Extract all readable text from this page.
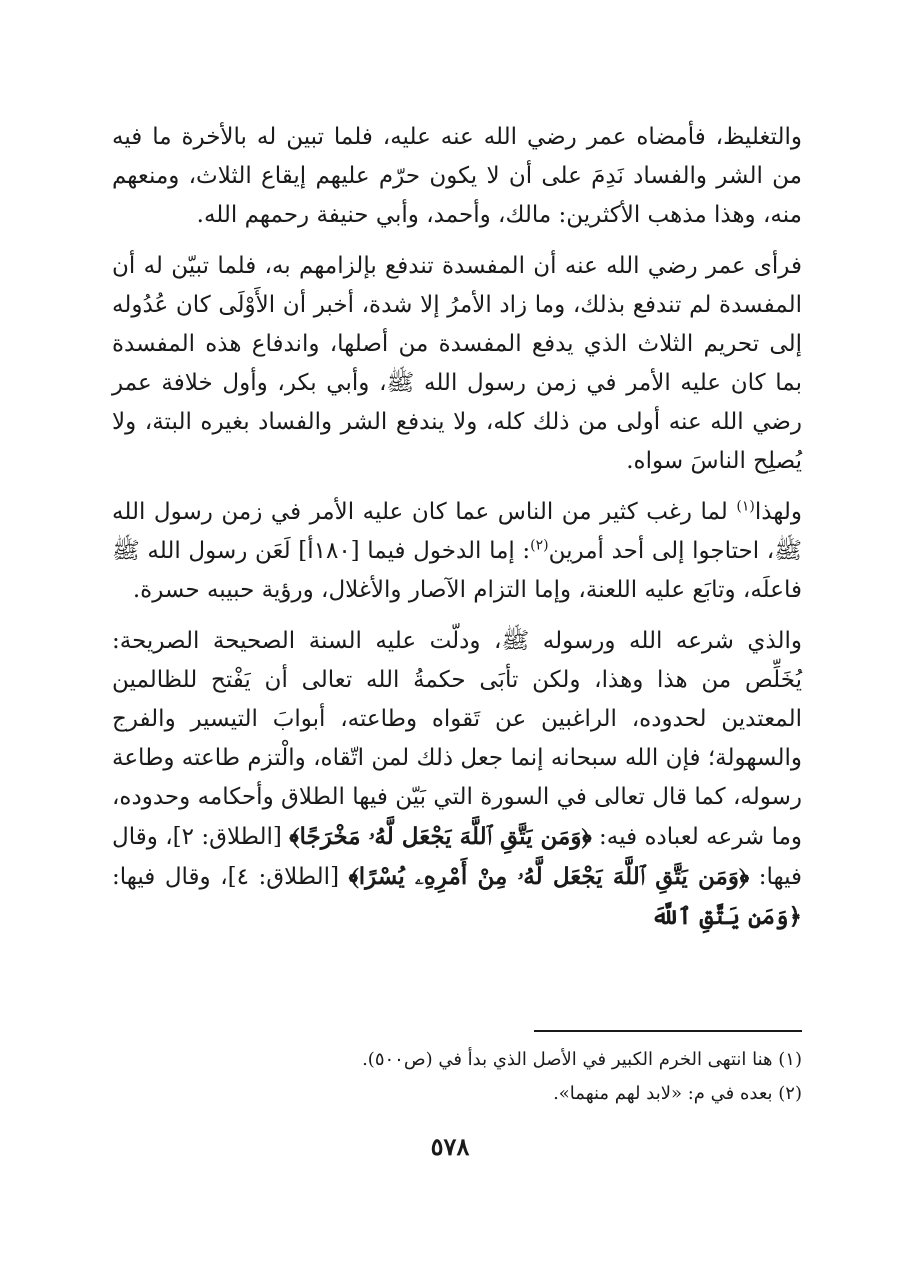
والتغليظ، فأمضاه عمر رضي الله عنه عليه، فلما تبين له بالأخرة ما فيه من الشر والفساد نَدِمَ على أن لا يكون حرّم عليهم إيقاع الثلاث، ومنعهم منه، وهذا مذهب الأكثرين: مالك، وأحمد، وأبي حنيفة رحمهم الله.

فرأى عمر رضي الله عنه أن المفسدة تندفع بإلزامهم به، فلما تبيّن له أن المفسدة لم تندفع بذلك، وما زاد الأمرُ إلا شدة، أخبر أن الأَوْلَى كان عُدُوله إلى تحريم الثلاث الذي يدفع المفسدة من أصلها، واندفاع هذه المفسدة بما كان عليه الأمر في زمن رسول الله ﷺ، وأبي بكر، وأول خلافة عمر رضي الله عنه أولى من ذلك كله، ولا يندفع الشر والفساد بغيره البتة، ولا يُصلِح الناسَ سواه.

ولهذا$^{(١)}$ لما رغب كثير من الناس عما كان عليه الأمر في زمن رسول الله ﷺ، احتاجوا إلى أحد أمرين$^{(٢)}$: إما الدخول فيما [١٨٠أ] لَعَن رسول الله ﷺ فاعلَه، وتابَع عليه اللعنة، وإما التزام الآصار والأغلال، ورؤية حبيبه حسرة.

والذي شرعه الله ورسوله ﷺ، ودلّت عليه السنة الصحيحة الصريحة: يُخَلِّص من هذا وهذا، ولكن تأبَى حكمةُ الله تعالى أن يَفْتح للظالمين المعتدين لحدوده، الراغبين عن تَقواه وطاعته، أبوابَ التيسير والفرج والسهولة؛ فإن الله سبحانه إنما جعل ذلك لمن اتّقاه، والْتزم طاعته وطاعة رسوله، كما قال تعالى في السورة التي بَيّن فيها الطلاق وأحكامه وحدوده، وما شرعه لعباده فيه: ﴿وَمَن يَتَّقِ ٱللَّهَ يَجْعَل لَّهُۥ مَخْرَجًا﴾ [الطلاق: ٢]، وقال فيها: ﴿وَمَن يَتَّقِ ٱللَّهَ يَجْعَل لَّهُۥ مِنْ أَمْرِهِۦ يُسْرًا﴾ [الطلاق: ٤]، وقال فيها: ﴿وَمَن يَتَّقِ ٱللَّهَ

(١) هنا انتهى الخرم الكبير في الأصل الذي بدأ في (ص٥٠٠).
(٢) بعده في م: «لابد لهم منهما».
٥٧٨
